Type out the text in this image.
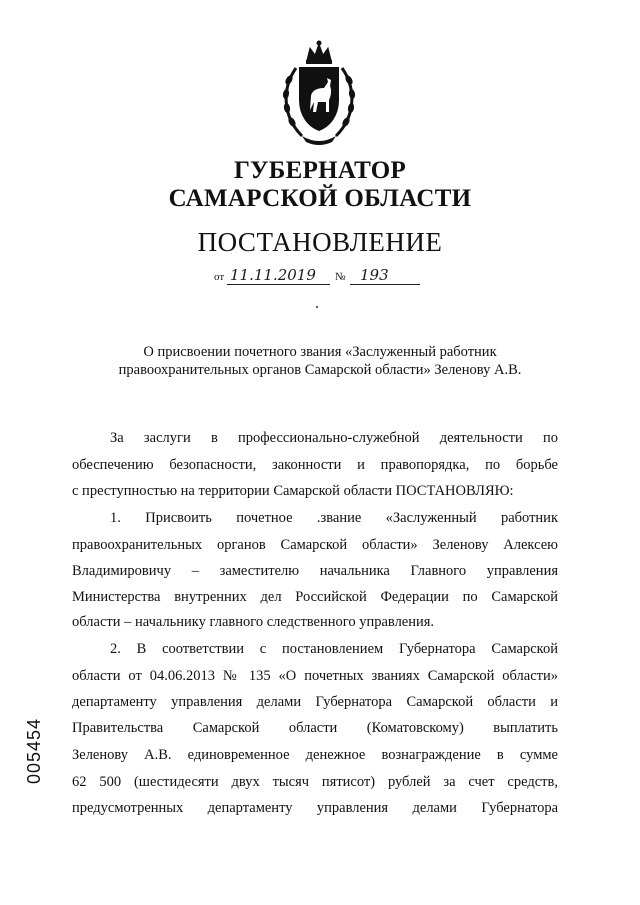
ГУБЕРНАТОР
САМАРСКОЙ ОБЛАСТИ
ПОСТАНОВЛЕНИЕ
от 11.11.2019 № 193
О присвоении почетного звания «Заслуженный работник
правоохранительных органов Самарской области» Зеленову А.В.
За заслуги в профессионально-служебной деятельности по
обеспечению безопасности, законности и правопорядка, по борьбе
с преступностью на территории Самарской области ПОСТАНОВЛЯЮ:
1. Присвоить почетное .звание «Заслуженный работник
правоохранительных органов Самарской области» Зеленову Алексею
Владимировичу – заместителю начальника Главного управления
Министерства внутренних дел Российской Федерации по Самарской
области – начальнику главного следственного управления.
2. В соответствии с постановлением Губернатора Самарской
области от 04.06.2013 № 135 «О почетных званиях Самарской области»
департаменту управления делами Губернатора Самарской области и
Правительства Самарской области (Коматовскому) выплатить
Зеленову А.В. единовременное денежное вознаграждение в сумме
62 500 (шестидесяти двух тысяч пятисот) рублей за счет средств,
предусмотренных департаменту управления делами Губернатора
005454
